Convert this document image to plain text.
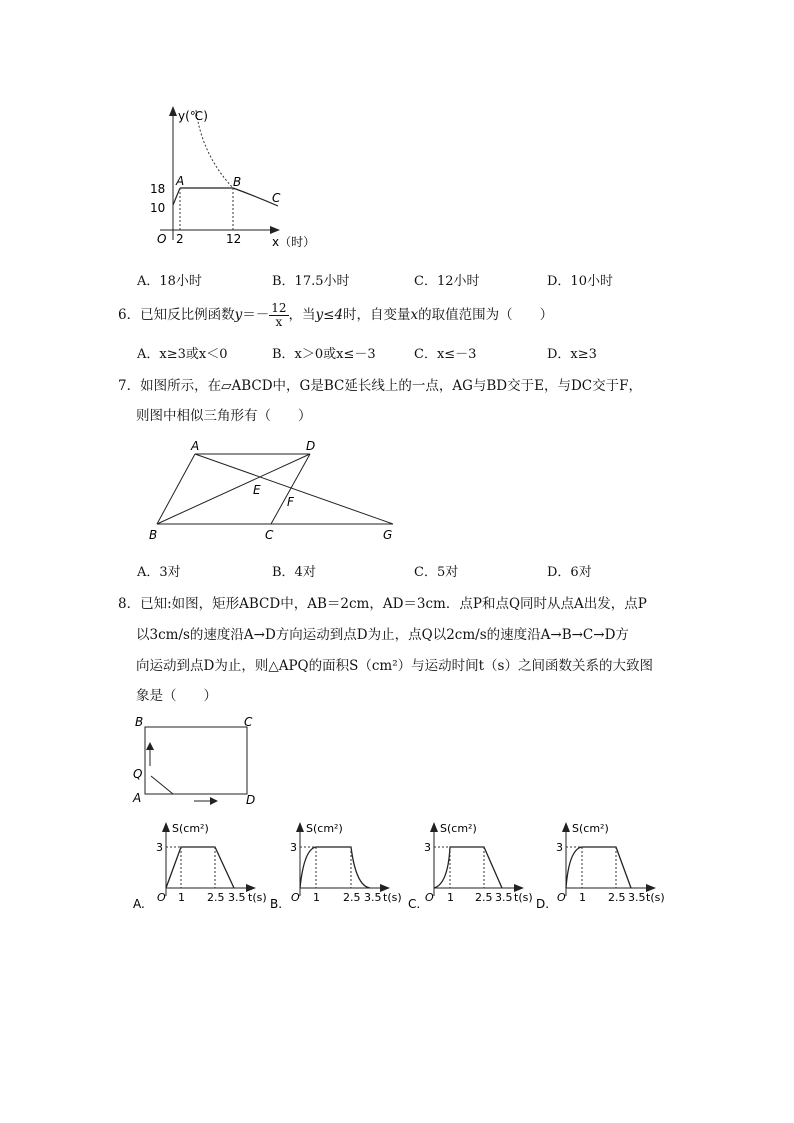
y(℃)
x（时）
O
18
10
2	12
A	B
C
A．18小时	B．17.5小时	C．12小时	D．10小时
6．已知反比例函数$y=- \frac{12}{x}$ ，当y≤4时，自变量x的取值范围为（　　）
A．x≥3或x＜0	B．x＞0或x≤－3	C．x≤－3	D．x≥3
7．如图所示，在▱ABCD中，G是BC延长线上的一点，AG与BD交于E，与DC交于F，
则图中相似三角形有（　　）
A	D
E
F
B	C	G
A．3对	B．4对	C．5对	D．6对
8．已知:如图，矩形ABCD中，AB＝2cm，AD＝3cm．点P和点Q同时从点A出发，点P
以3cm/s的速度沿A→D方向运动到点D为止，点Q以2cm/s的速度沿A→B→C→D方
向运动到点D为止，则△APQ的面积S（cm²）与运动时间t（s）之间函数关系的大致图
象是（　　）
B	C
Q
A	D
S(cm²)
3
O 1 2.5 3.5 t(s)
A.
S(cm²)
3
O 1 2.5 3.5 t(s)
B.
S(cm²)
3
O 1 2.5 3.5 t(s)
C.
S(cm²)
3
O 1 2.5 3.5 t(s)
D.
